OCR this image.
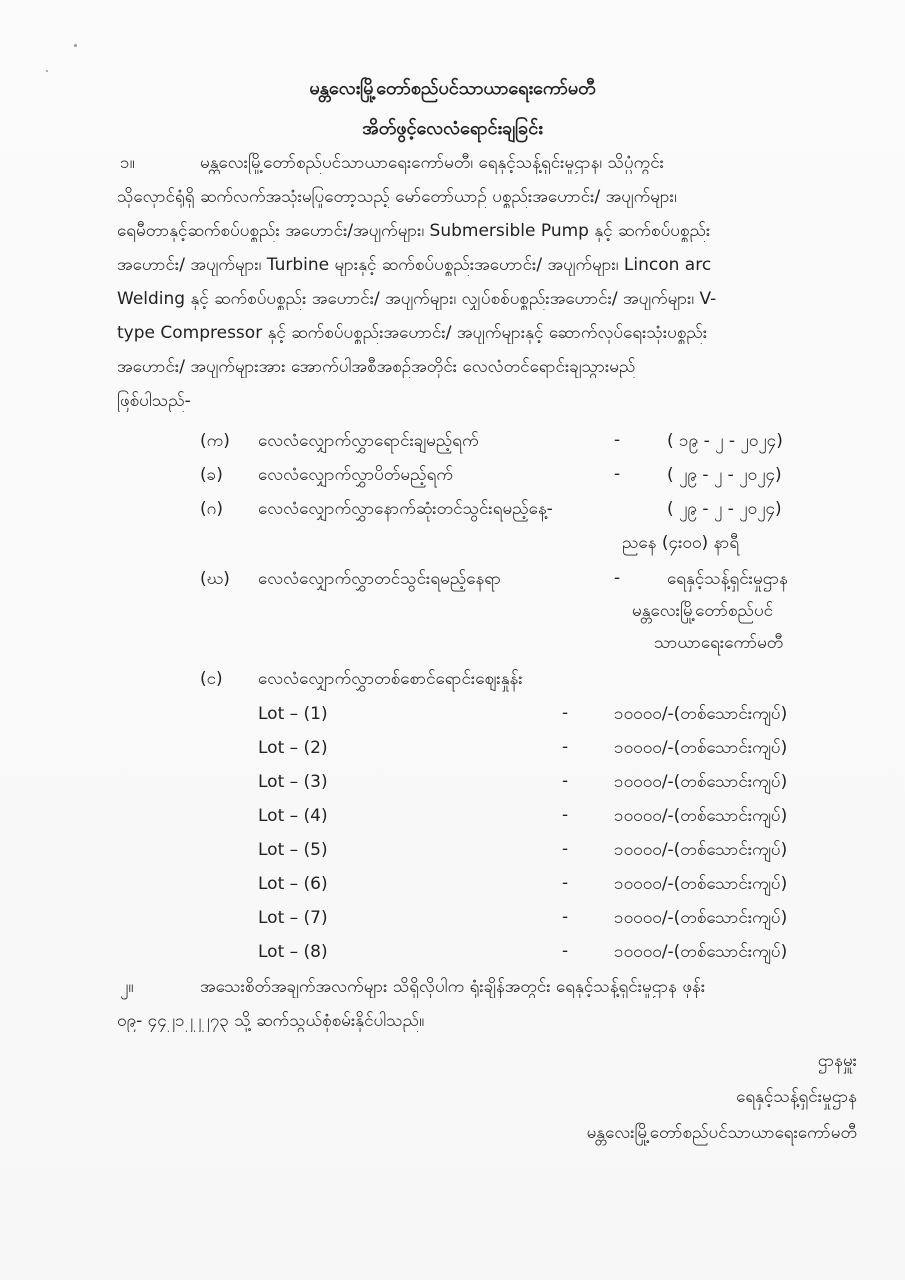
မန္တလေးမြို့တော်စည်ပင်သာယာရေးကော်မတီ
အိတ်ဖွင့်လေလံရောင်းချခြင်း
၁။	မန္တလေးမြို့တော်စည်ပင်သာယာရေးကော်မတီ၊ ရေနှင့်သန့်ရှင်းမှုဌာန၊ သိပ္ပံကွင်း
သိုလှောင်ရုံရှိ ဆက်လက်အသုံးမပြုတော့သည့် မော်တော်ယာဉ် ပစ္စည်းအဟောင်း/ အပျက်များ၊
ရေမီတာနှင့်ဆက်စပ်ပစ္စည်း အဟောင်း/အပျက်များ၊ Submersible Pump နှင့် ဆက်စပ်ပစ္စည်း
အဟောင်း/ အပျက်များ၊ Turbine များနှင့် ဆက်စပ်ပစ္စည်းအဟောင်း/ အပျက်များ၊ Lincon arc
Welding နှင့် ဆက်စပ်ပစ္စည်း အဟောင်း/ အပျက်များ၊ လျှပ်စစ်ပစ္စည်းအဟောင်း/ အပျက်များ၊ V-
type Compressor နှင့် ဆက်စပ်ပစ္စည်းအဟောင်း/ အပျက်များနှင့် ဆောက်လုပ်ရေးသုံးပစ္စည်း
အဟောင်း/ အပျက်များအား အောက်ပါအစီအစဉ်အတိုင်း လေလံတင်ရောင်းချသွားမည်
ဖြစ်ပါသည်-
(က) လေလံလျှောက်လွှာရောင်းချမည့်ရက်	-	( ၁၉ - ၂ - ၂၀၂၄)
(ခ) လေလံလျှောက်လွှာပိတ်မည့်ရက်	-	( ၂၉ - ၂ - ၂၀၂၄)
(ဂ) လေလံလျှောက်လွှာနောက်ဆုံးတင်သွင်းရမည့်နေ့-	( ၂၉ - ၂ - ၂၀၂၄)
ညနေ (၄း၀၀) နာရီ
(ဃ) လေလံလျှောက်လွှာတင်သွင်းရမည့်နေရာ	-	ရေနှင့်သန့်ရှင်းမှုဌာန
မန္တလေးမြို့တော်စည်ပင်
သာယာရေးကော်မတီ
(င) လေလံလျှောက်လွှာတစ်စောင်ရောင်းဈေးနှုန်း
Lot – (1)	-	၁၀၀၀၀/-(တစ်သောင်းကျပ်)
Lot – (2)	-	၁၀၀၀၀/-(တစ်သောင်းကျပ်)
Lot – (3)	-	၁၀၀၀၀/-(တစ်သောင်းကျပ်)
Lot – (4)	-	၁၀၀၀၀/-(တစ်သောင်းကျပ်)
Lot – (5)	-	၁၀၀၀၀/-(တစ်သောင်းကျပ်)
Lot – (6)	-	၁၀၀၀၀/-(တစ်သောင်းကျပ်)
Lot – (7)	-	၁၀၀၀၀/-(တစ်သောင်းကျပ်)
Lot – (8)	-	၁၀၀၀၀/-(တစ်သောင်းကျပ်)
၂။	အသေးစိတ်အချက်အလက်များ သိရှိလိုပါက ရုံးချိန်အတွင်း ရေနှင့်သန့်ရှင်းမှုဌာန ဖုန်း
၀၉- ၄၄၂၁၂၂၂၇၃ သို့ ဆက်သွယ်စုံစမ်းနိုင်ပါသည်။
ဌာနမှူး
ရေနှင့်သန့်ရှင်းမှုဌာန
မန္တလေးမြို့တော်စည်ပင်သာယာရေးကော်မတီ
